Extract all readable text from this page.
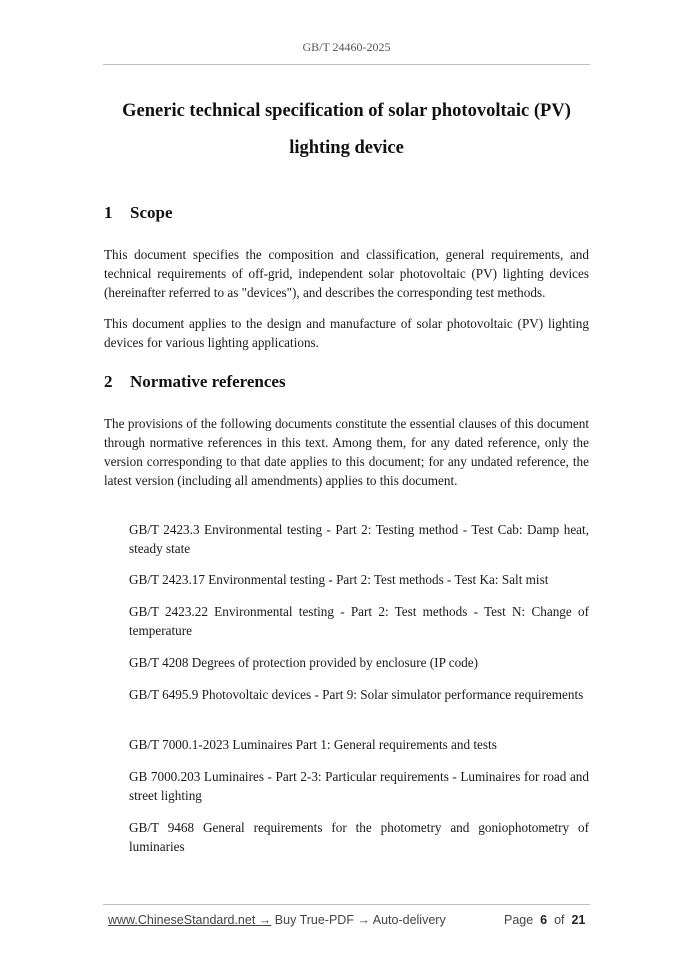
GB/T 24460-2025
Generic technical specification of solar photovoltaic (PV)
lighting device
1 Scope
This document specifies the composition and classification, general requirements, and technical requirements of off-grid, independent solar photovoltaic (PV) lighting devices (hereinafter referred to as "devices"), and describes the corresponding test methods.
This document applies to the design and manufacture of solar photovoltaic (PV) lighting devices for various lighting applications.
2 Normative references
The provisions of the following documents constitute the essential clauses of this document through normative references in this text. Among them, for any dated reference, only the version corresponding to that date applies to this document; for any undated reference, the latest version (including all amendments) applies to this document.
GB/T 2423.3 Environmental testing - Part 2: Testing method - Test Cab: Damp heat, steady state
GB/T 2423.17 Environmental testing - Part 2: Test methods - Test Ka: Salt mist
GB/T 2423.22 Environmental testing - Part 2: Test methods - Test N: Change of temperature
GB/T 4208 Degrees of protection provided by enclosure (IP code)
GB/T 6495.9 Photovoltaic devices - Part 9: Solar simulator performance requirements
GB/T 7000.1-2023 Luminaires Part 1: General requirements and tests
GB 7000.203 Luminaires - Part 2-3: Particular requirements - Luminaires for road and street lighting
GB/T 9468 General requirements for the photometry and goniophotometry of luminaries
www.ChineseStandard.net → Buy True-PDF → Auto-delivery	Page 6 of 21
